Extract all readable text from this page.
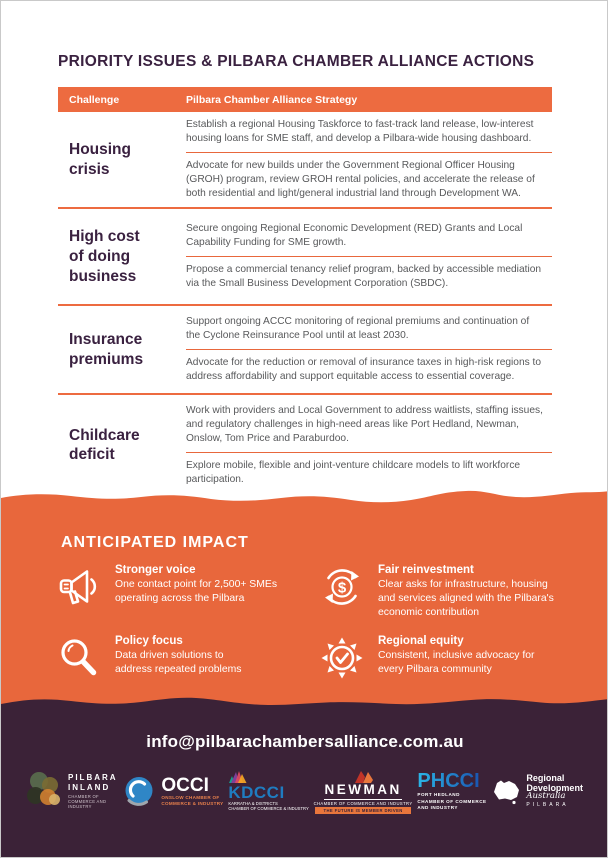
PRIORITY ISSUES & PILBARA CHAMBER ALLIANCE ACTIONS
Challenge	Pilbara Chamber Alliance Strategy
Housing crisis

Establish a regional Housing Taskforce to fast-track land release, low-interest housing loans for SME staff, and develop a Pilbara-wide housing dashboard.

Advocate for new builds under the Government Regional Officer Housing (GROH) program, review GROH rental policies, and accelerate the release of both residential and light/general industrial land through Development WA.

High cost of doing business

Secure ongoing Regional Economic Development (RED) Grants and Local Capability Funding for SME growth.

Propose a commercial tenancy relief program, backed by accessible mediation via the Small Business Development Corporation (SBDC).

Insurance premiums

Support ongoing ACCC monitoring of regional premiums and continuation of the Cyclone Reinsurance Pool until at least 2030.

Advocate for the reduction or removal of insurance taxes in high-risk regions to address affordability and support equitable access to essential coverage.

Childcare deficit

Work with providers and Local Government to address waitlists, staffing issues, and regulatory challenges in high-need areas like Port Hedland, Newman, Onslow, Tom Price and Paraburdoo.

Explore mobile, flexible and joint-venture childcare models to lift workforce participation.

ANTICIPATED IMPACT

Stronger voice

One contact point for 2,500+ SMEs operating across the Pilbara

$

Fair reinvestment

Clear asks for infrastructure, housing and services aligned with the Pilbara's economic contribution

Policy focus

Data driven solutions to address repeated problems

Regional equity

Consistent, inclusive advocacy for every Pilbara community

info@pilbarachambersalliance.com.au
PILBARA
INLAND
CHAMBER OF COMMERCE AND INDUSTRY
OCCI
ONSLOW CHAMBER OF
COMMERCE & INDUSTRY
KDCCI
KARRATHA & DISTRICTS
CHAMBER OF COMMERCE & INDUSTRY
NEWMAN
CHAMBER OF COMMERCE AND INDUSTRY
THE FUTURE IS MEMBER DRIVEN
PHCCI
PORT HEDLAND
CHAMBER OF COMMERCE
AND INDUSTRY
Regional
Development
Australia
PILBARA
